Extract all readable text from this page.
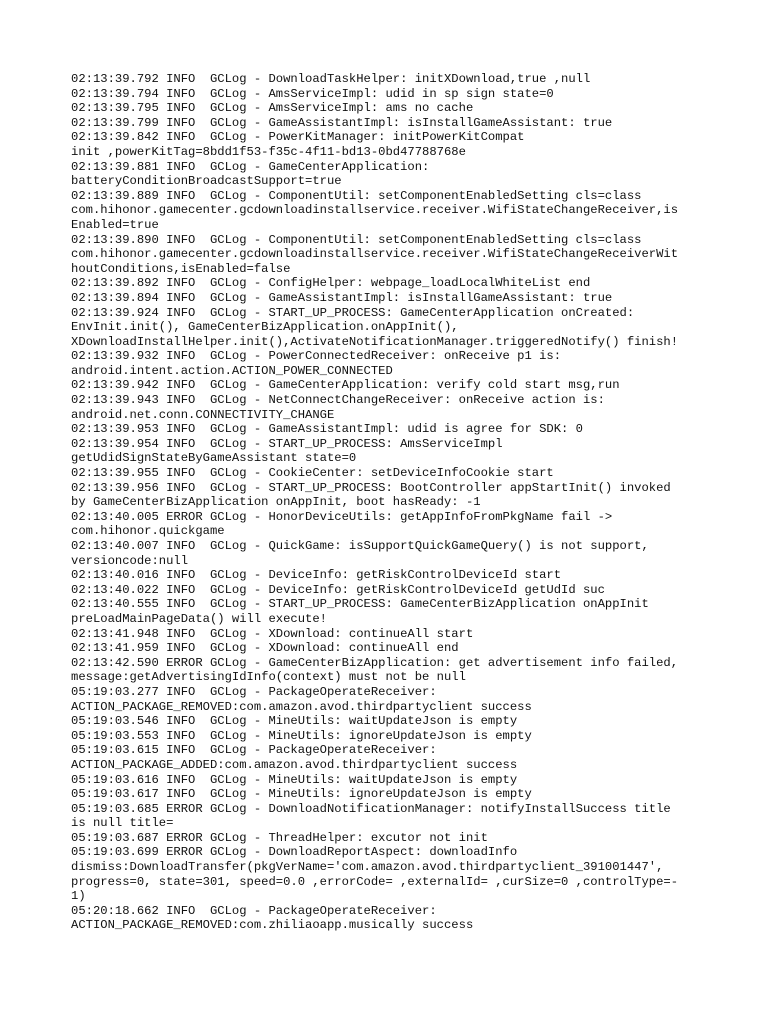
02:13:39.792 INFO  GCLog - DownloadTaskHelper: initXDownload,true ,null
02:13:39.794 INFO  GCLog - AmsServiceImpl: udid in sp sign state=0
02:13:39.795 INFO  GCLog - AmsServiceImpl: ams no cache
02:13:39.799 INFO  GCLog - GameAssistantImpl: isInstallGameAssistant: true
02:13:39.842 INFO  GCLog - PowerKitManager: initPowerKitCompat
init ,powerKitTag=8bdd1f53-f35c-4f11-bd13-0bd47788768e
02:13:39.881 INFO  GCLog - GameCenterApplication:
batteryConditionBroadcastSupport=true
02:13:39.889 INFO  GCLog - ComponentUtil: setComponentEnabledSetting cls=class
com.hihonor.gamecenter.gcdownloadinstallservice.receiver.WifiStateChangeReceiver,is
Enabled=true
02:13:39.890 INFO  GCLog - ComponentUtil: setComponentEnabledSetting cls=class
com.hihonor.gamecenter.gcdownloadinstallservice.receiver.WifiStateChangeReceiverWit
houtConditions,isEnabled=false
02:13:39.892 INFO  GCLog - ConfigHelper: webpage_loadLocalWhiteList end
02:13:39.894 INFO  GCLog - GameAssistantImpl: isInstallGameAssistant: true
02:13:39.924 INFO  GCLog - START_UP_PROCESS: GameCenterApplication onCreated:
EnvInit.init(), GameCenterBizApplication.onAppInit(),
XDownloadInstallHelper.init(),ActivateNotificationManager.triggeredNotify() finish!
02:13:39.932 INFO  GCLog - PowerConnectedReceiver: onReceive p1 is:
android.intent.action.ACTION_POWER_CONNECTED
02:13:39.942 INFO  GCLog - GameCenterApplication: verify cold start msg,run
02:13:39.943 INFO  GCLog - NetConnectChangeReceiver: onReceive action is:
android.net.conn.CONNECTIVITY_CHANGE
02:13:39.953 INFO  GCLog - GameAssistantImpl: udid is agree for SDK: 0
02:13:39.954 INFO  GCLog - START_UP_PROCESS: AmsServiceImpl
getUdidSignStateByGameAssistant state=0
02:13:39.955 INFO  GCLog - CookieCenter: setDeviceInfoCookie start
02:13:39.956 INFO  GCLog - START_UP_PROCESS: BootController appStartInit() invoked
by GameCenterBizApplication onAppInit, boot hasReady: -1
02:13:40.005 ERROR GCLog - HonorDeviceUtils: getAppInfoFromPkgName fail ->
com.hihonor.quickgame
02:13:40.007 INFO  GCLog - QuickGame: isSupportQuickGameQuery() is not support,
versioncode:null
02:13:40.016 INFO  GCLog - DeviceInfo: getRiskControlDeviceId start
02:13:40.022 INFO  GCLog - DeviceInfo: getRiskControlDeviceId getUdId suc
02:13:40.555 INFO  GCLog - START_UP_PROCESS: GameCenterBizApplication onAppInit
preLoadMainPageData() will execute!
02:13:41.948 INFO  GCLog - XDownload: continueAll start
02:13:41.959 INFO  GCLog - XDownload: continueAll end
02:13:42.590 ERROR GCLog - GameCenterBizApplication: get advertisement info failed,
message:getAdvertisingIdInfo(context) must not be null
05:19:03.277 INFO  GCLog - PackageOperateReceiver:
ACTION_PACKAGE_REMOVED:com.amazon.avod.thirdpartyclient success
05:19:03.546 INFO  GCLog - MineUtils: waitUpdateJson is empty
05:19:03.553 INFO  GCLog - MineUtils: ignoreUpdateJson is empty
05:19:03.615 INFO  GCLog - PackageOperateReceiver:
ACTION_PACKAGE_ADDED:com.amazon.avod.thirdpartyclient success
05:19:03.616 INFO  GCLog - MineUtils: waitUpdateJson is empty
05:19:03.617 INFO  GCLog - MineUtils: ignoreUpdateJson is empty
05:19:03.685 ERROR GCLog - DownloadNotificationManager: notifyInstallSuccess title
is null title=
05:19:03.687 ERROR GCLog - ThreadHelper: excutor not init
05:19:03.699 ERROR GCLog - DownloadReportAspect: downloadInfo
dismiss:DownloadTransfer(pkgVerName='com.amazon.avod.thirdpartyclient_391001447',
progress=0, state=301, speed=0.0 ,errorCode= ,externalId= ,curSize=0 ,controlType=-
1)
05:20:18.662 INFO  GCLog - PackageOperateReceiver:
ACTION_PACKAGE_REMOVED:com.zhiliaoapp.musically success
